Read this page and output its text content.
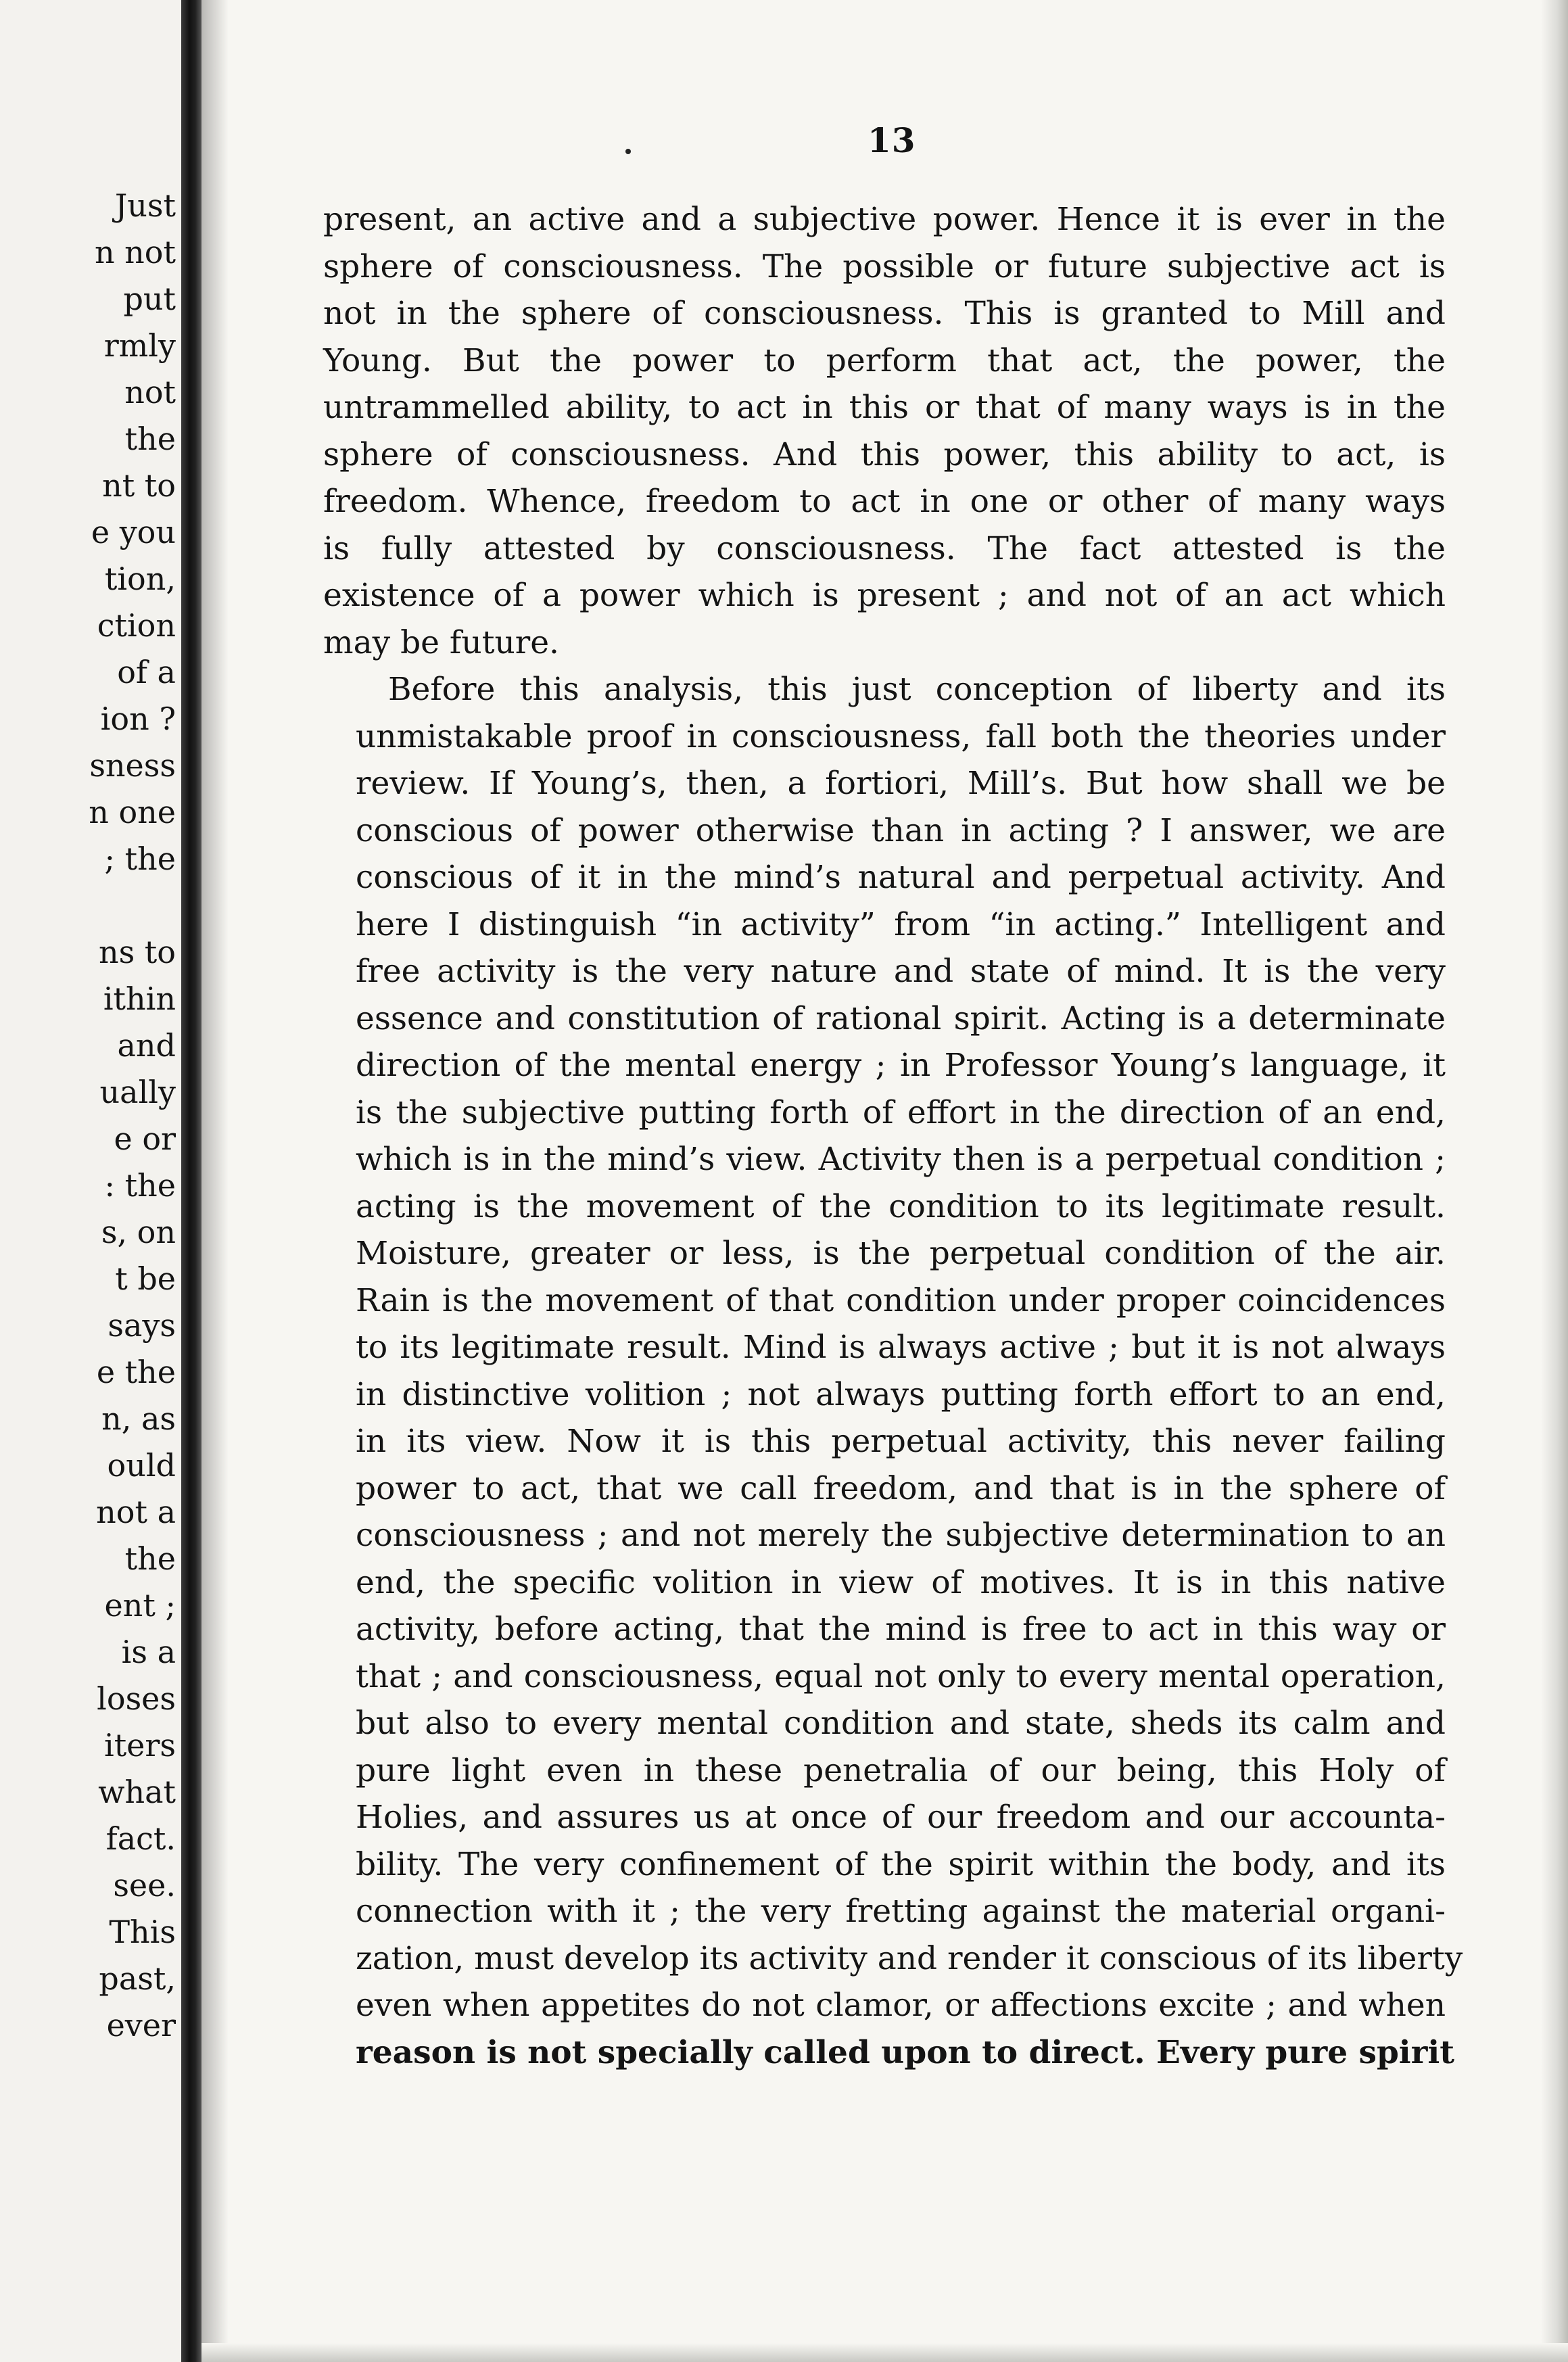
Just
n not
put
rmly
not
the
nt to
e you
tion,
ction
of a
ion ?
sness
n one
; the

ns to
ithin
and
ually
e or
: the
s, on
t be
says
e the
n, as
ould
not a
the
ent ;
is a
loses
iters
what
fact.
see.
This
past,
ever
13

present, an active and a subjective power. Hence it is ever in the
sphere of consciousness. The possible or future subjective act is
not in the sphere of consciousness. This is granted to Mill and
Young. But the power to perform that act, the power, the
untrammelled ability, to act in this or that of many ways is in the
sphere of consciousness. And this power, this ability to act, is
freedom. Whence, freedom to act in one or other of many ways
is fully attested by consciousness. The fact attested is the
existence of a power which is present ; and not of an act which
may be future.

Before this analysis, this just conception of liberty and its
unmistakable proof in consciousness, fall both the theories under
review. If Young’s, then, a fortiori, Mill’s. But how shall we be
conscious of power otherwise than in acting ? I answer, we are
conscious of it in the mind’s natural and perpetual activity. And
here I distinguish “in activity” from “in acting.” Intelligent and
free activity is the very nature and state of mind. It is the very
essence and constitution of rational spirit. Acting is a determinate
direction of the mental energy ; in Professor Young’s language, it
is the subjective putting forth of effort in the direction of an end,
which is in the mind’s view. Activity then is a perpetual condition ;
acting is the movement of the condition to its legitimate result.
Moisture, greater or less, is the perpetual condition of the air.
Rain is the movement of that condition under proper coincidences
to its legitimate result. Mind is always active ; but it is not always
in distinctive volition ; not always putting forth effort to an end,
in its view. Now it is this perpetual activity, this never failing
power to act, that we call freedom, and that is in the sphere of
consciousness ; and not merely the subjective determination to an
end, the specific volition in view of motives. It is in this native
activity, before acting, that the mind is free to act in this way or
that ; and consciousness, equal not only to every mental operation,
but also to every mental condition and state, sheds its calm and
pure light even in these penetralia of our being, this Holy of
Holies, and assures us at once of our freedom and our accounta-
bility. The very confinement of the spirit within the body, and its
connection with it ; the very fretting against the material organi-
zation, must develop its activity and render it conscious of its liberty
even when appetites do not clamor, or affections excite ; and when
reason is not specially called upon to direct. Every pure spirit
